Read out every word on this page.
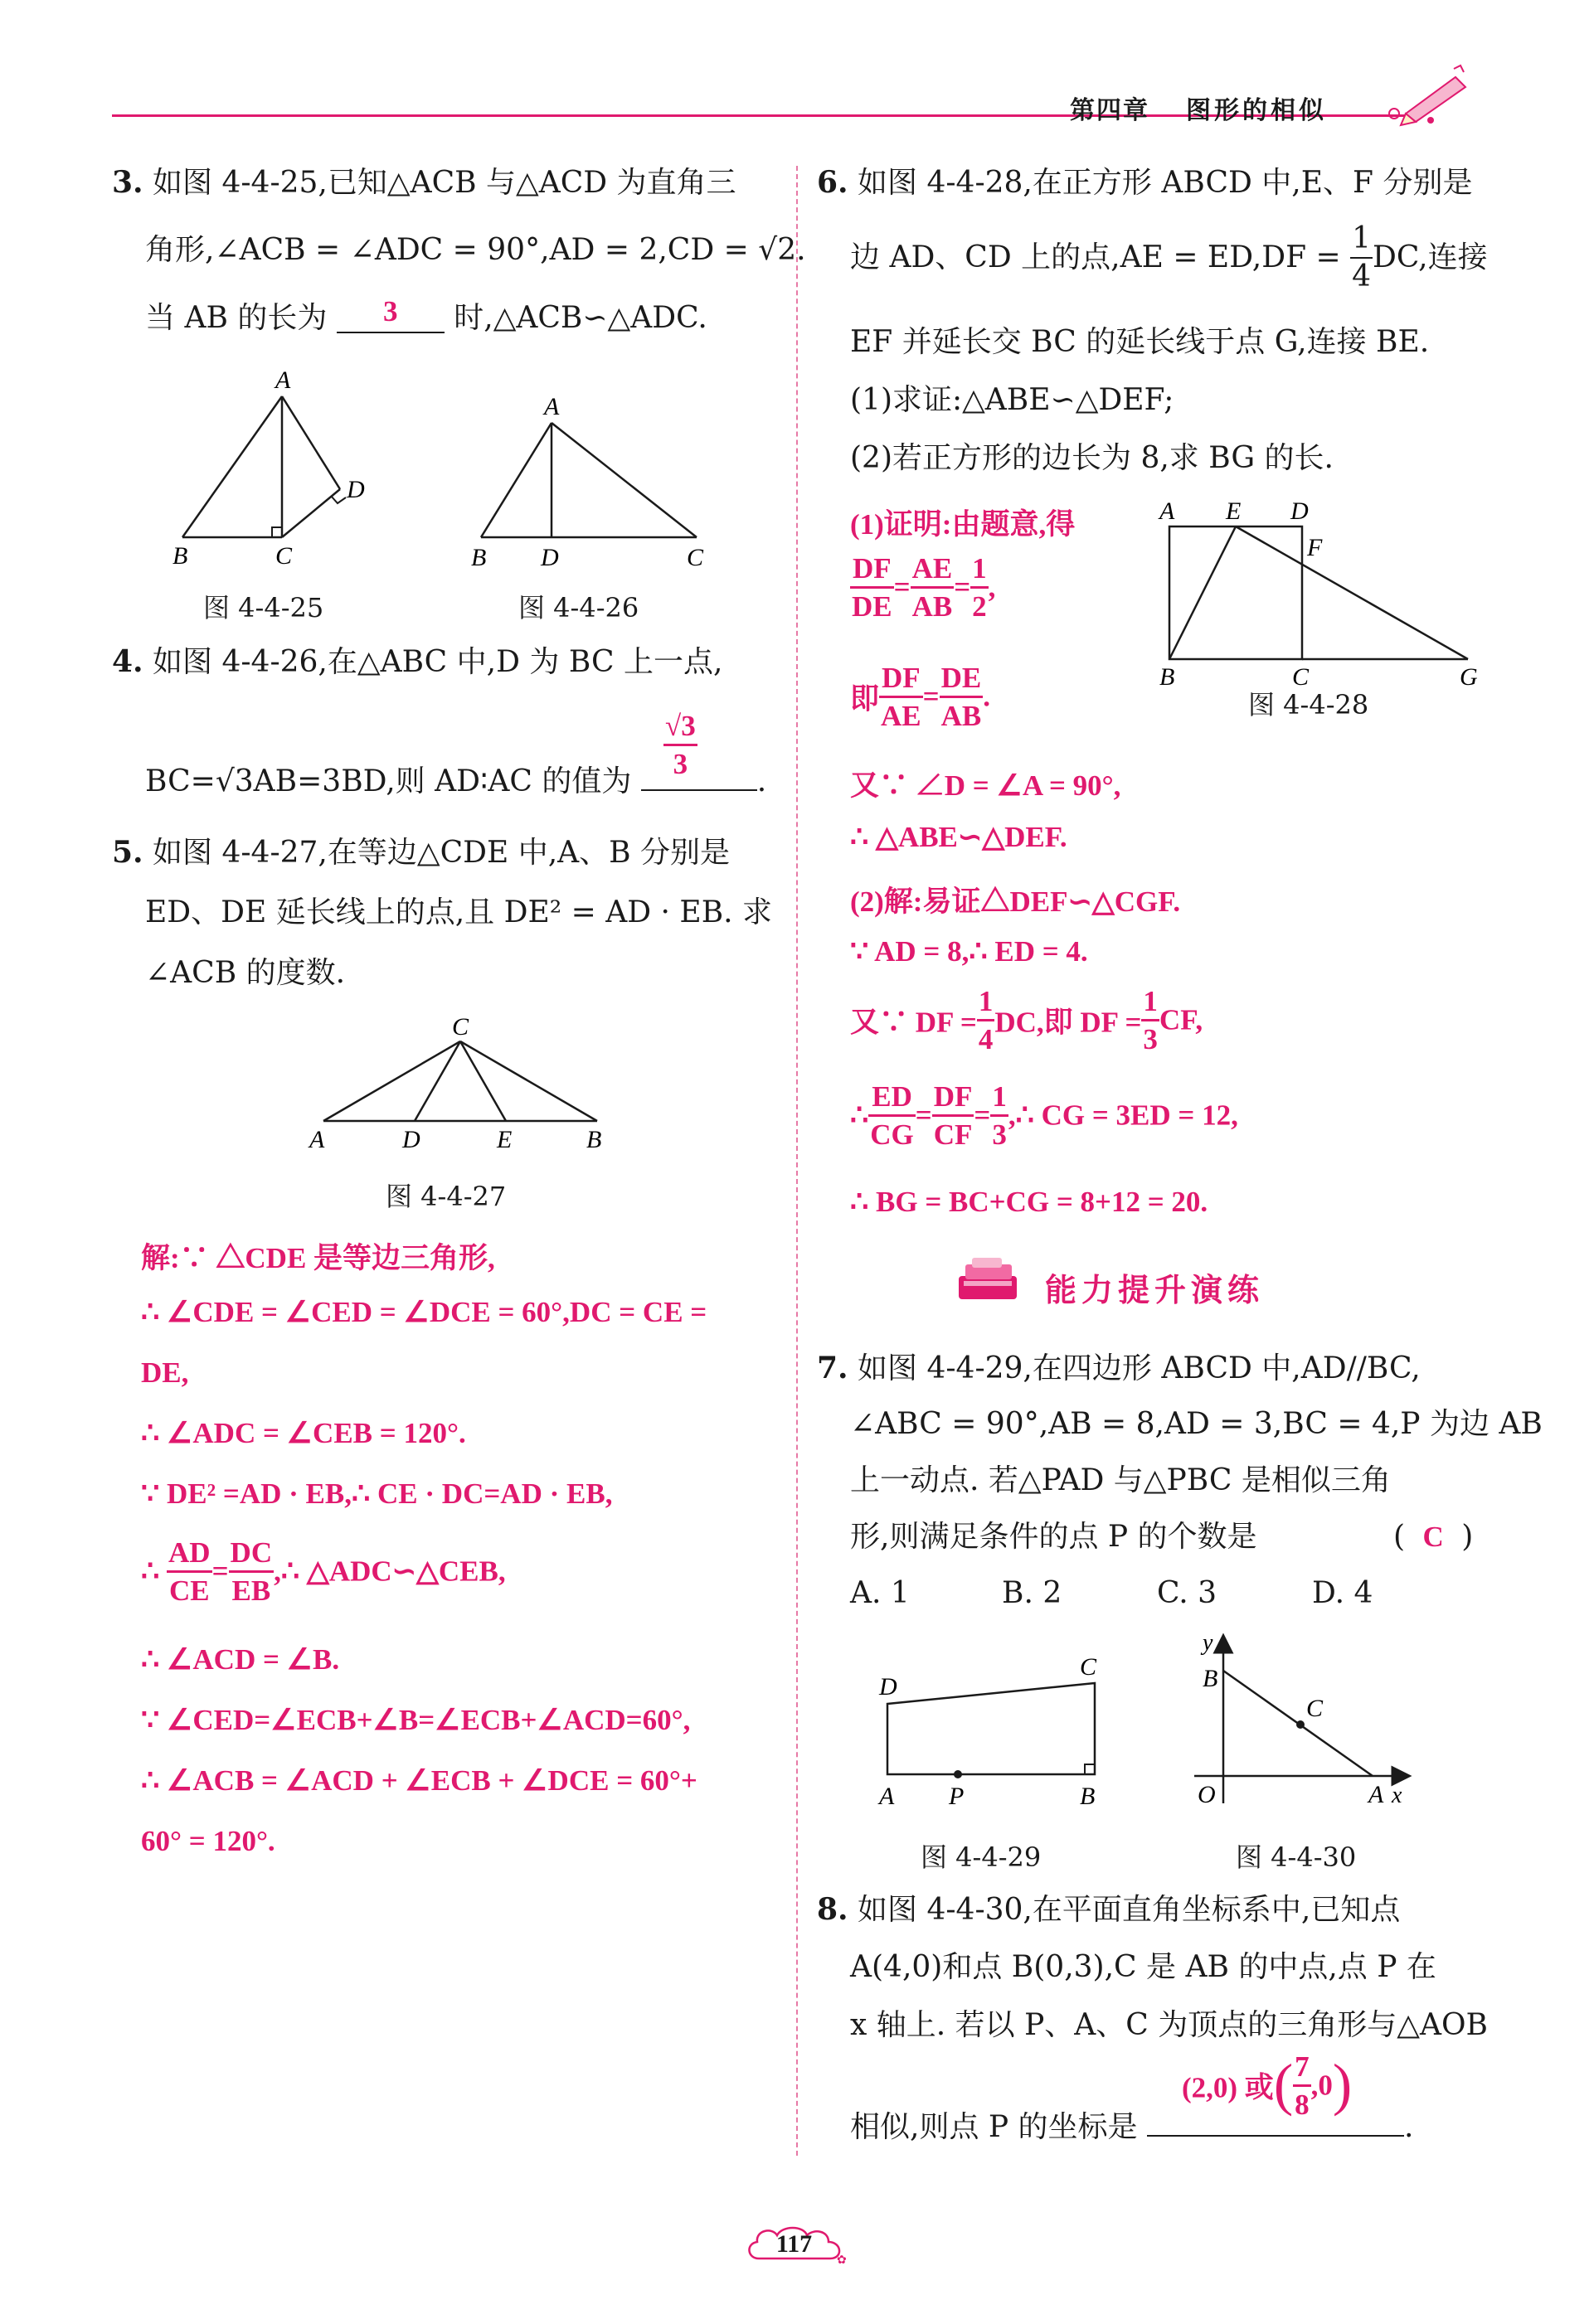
第四章 图形的相似
3. 如图 4-4-25,已知△ACB 与△ACD 为直角三
角形,∠ACB = ∠ADC = 90°,AD = 2,CD = √2.
当 AB 的长为 3 时,△ACB∽△ADC.
A
B	C
D
图 4-4-25
A
B D	C
图 4-4-26
4. 如图 4-4-26,在△ABC 中,D 为 BC 上一点,
BC=√3AB=3BD,则 AD∶AC 的值为	.
$\frac{√3}{3}$
5. 如图 4-4-27,在等边△CDE 中,A、B 分别是
ED、DE 延长线上的点,且 DE² = AD · EB. 求
∠ACB 的度数.
C
A	D	E	B
图 4-4-27
解:∵ △CDE 是等边三角形,
∴ ∠CDE = ∠CED = ∠DCE = 60°,DC = CE =
DE,
∴ ∠ADC = ∠CEB = 120°.
∵ DE² =AD · EB,∴ CE · DC=AD · EB,
∴ $\frac{AD}{CE} = \frac{DC}{EB}$ ,∴ △ADC∽△CEB,
∴ ∠ACD = ∠B.
∵ ∠CED=∠ECB+∠B=∠ECB+∠ACD=60°,
∴ ∠ACB = ∠ACD + ∠ECB + ∠DCE = 60°+
60° = 120°.
6. 如图 4-4-28,在正方形 ABCD 中,E、F 分别是
边 AD、CD 上的点$,AE = ED,DF = \frac{1}{4}$ DC,连接
EF 并延长交 BC 的延长线于点 G,连接 BE.
(1)求证:△ABE∽△DEF;
(2)若正方形的边长为 8,求 BG 的长.
(1)证明:由题意,得
$\frac{DF}{DE} = \frac{AE}{AB} = \frac{1}{2}$ ,
即 $\frac{DF}{AE} = \frac{DE}{AB}$ .
又∵ ∠D = ∠A = 90°,
∴ △ABE∽△DEF.
(2)解:易证△DEF∽△CGF.
∵ AD = 8,∴ ED = 4.
又∵ DF = $\frac{1}{4}$ DC,即 DF = $\frac{1}{3}$ CF,
∴ $\frac{ED}{CG} = \frac{DF}{CF} = \frac{1}{3}$ ,∴ CG = 3ED = 12,
∴ BG = BC+CG = 8+12 = 20.
A E D
F
B	C	G
图 4-4-28
能力提升演练
7. 如图 4-4-29,在四边形 ABCD 中,AD//BC,
∠ABC = 90°,AB = 8,AD = 3,BC = 4,P 为边 AB
上一动点. 若△PAD 与△PBC 是相似三角
形,则满足条件的点 P 的个数是	( C )
A. 1	B. 2	C. 3	D. 4
D
C
A P	B
图 4-4-29
y
B
C
O	A x
图 4-4-30
8. 如图 4-4-30,在平面直角坐标系中,已知点
A(4,0)和点 B(0,3),C 是 AB 的中点,点 P 在
x 轴上. 若以 P、A、C 为顶点的三角形与△AOB
相似,则点 P 的坐标是	.
(2,0) 或( $\frac{7}{8} ,0$)
✿
117
